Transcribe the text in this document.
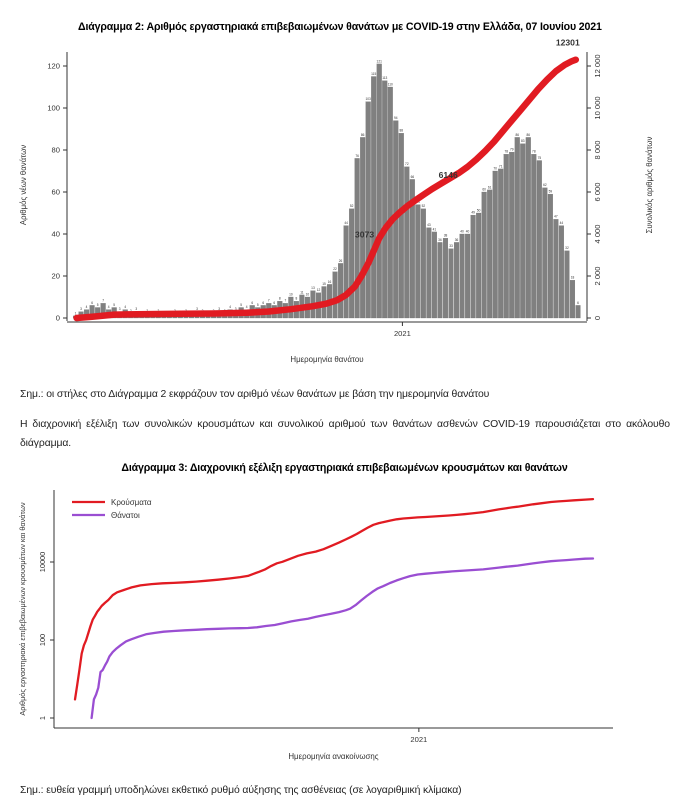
Διάγραμμα 2: Αριθμός εργαστηριακά επιβεβαιωμένων θανάτων με COVID-19 στην Ελλάδα, 07 Ιουνίου 2021
1
3
4
6
5
7
4
5
3
4
2
3
1
2
1
2
1 1
2
1
2
1
3
2
1
2
3
2
4
3
5
4
6
5
6
7
6
8
7
10
8
11
10
13
12
15
16
22
26
44
52
76
86
103
115
121
113
110
94
88
72
66
54
52
43
41
36
38
33
36
40 40
49
50
60
61
70
71
78
79
86
83
86
78
75
62
59
47
44
32
18
6
0
20
40
60
80
100
120
Αριθμός νέων θανάτων
0
2 000
4 000
6 000
8 000
10 000
12 000
Συνολικός αριθμός θανάτων
2021
Ημερομηνία θανάτου
3073
6146
12301
Σημ.: οι στήλες στο Διάγραμμα 2 εκφράζουν τον αριθμό νέων θανάτων με βάση την ημερομηνία θανάτου
Η διαχρονική εξέλιξη των συνολικών κρουσμάτων και συνολικού αριθμού των θανάτων ασθενών COVID-19 παρουσιάζεται στο ακόλουθο διάγραμμα.
Διάγραμμα 3: Διαχρονική εξέλιξη εργαστηριακά επιβεβαιωμένων κρουσμάτων και θανάτων
1
100
10000
Αριθμός εργαστηριακά επιβεβαιωμένων κρουσμάτων και θανάτων
2021
Ημερομηνία ανακοίνωσης
Κρούσματα
Θάνατοι
Σημ.: ευθεία γραμμή υποδηλώνει εκθετικό ρυθμό αύξησης της ασθένειας (σε λογαριθμική κλίμακα)
